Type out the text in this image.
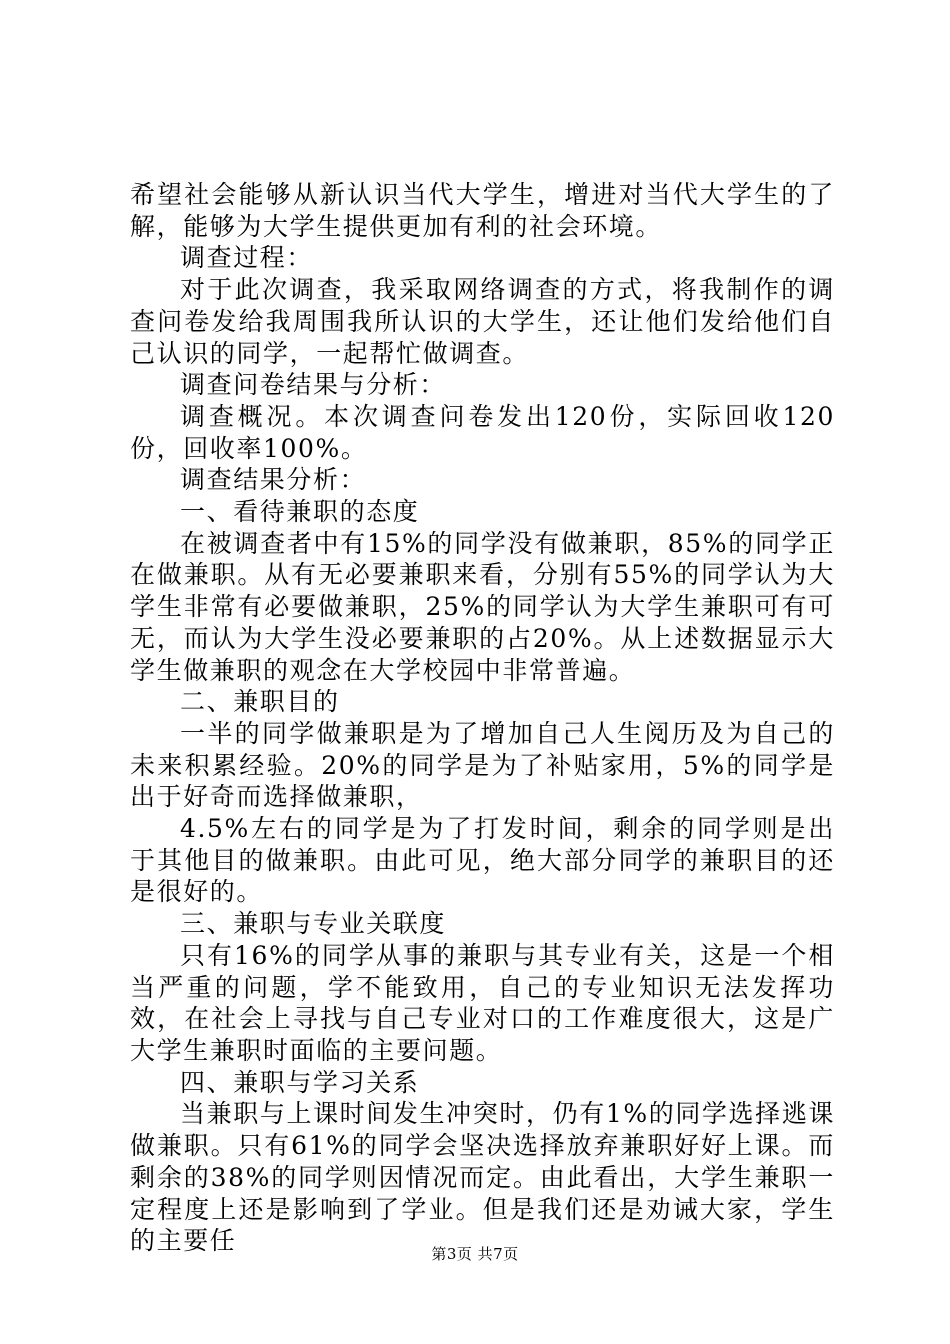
希望社会能够从新认识当代大学生，增进对当代大学生的了解，能够为大学生提供更加有利的社会环境。

调查过程：

对于此次调查，我采取网络调查的方式，将我制作的调查问卷发给我周围我所认识的大学生，还让他们发给他们自己认识的同学，一起帮忙做调查。

调查问卷结果与分析：

调查概况。本次调查问卷发出120份，实际回收120份，回收率100%。

调查结果分析：

一、看待兼职的态度

在被调查者中有15%的同学没有做兼职，85%的同学正在做兼职。从有无必要兼职来看，分别有55%的同学认为大学生非常有必要做兼职，25%的同学认为大学生兼职可有可无，而认为大学生没必要兼职的占20%。从上述数据显示大学生做兼职的观念在大学校园中非常普遍。

二、兼职目的

一半的同学做兼职是为了增加自己人生阅历及为自己的未来积累经验。20%的同学是为了补贴家用，5%的同学是出于好奇而选择做兼职，

4.5%左右的同学是为了打发时间，剩余的同学则是出于其他目的做兼职。由此可见，绝大部分同学的兼职目的还是很好的。

三、兼职与专业关联度

只有16%的同学从事的兼职与其专业有关，这是一个相当严重的问题，学不能致用，自己的专业知识无法发挥功效，在社会上寻找与自己专业对口的工作难度很大，这是广大学生兼职时面临的主要问题。

四、兼职与学习关系

当兼职与上课时间发生冲突时，仍有1%的同学选择逃课做兼职。只有61%的同学会坚决选择放弃兼职好好上课。而剩余的38%的同学则因情况而定。由此看出，大学生兼职一定程度上还是影响到了学业。但是我们还是劝诫大家，学生的主要任	第3页 共7页
